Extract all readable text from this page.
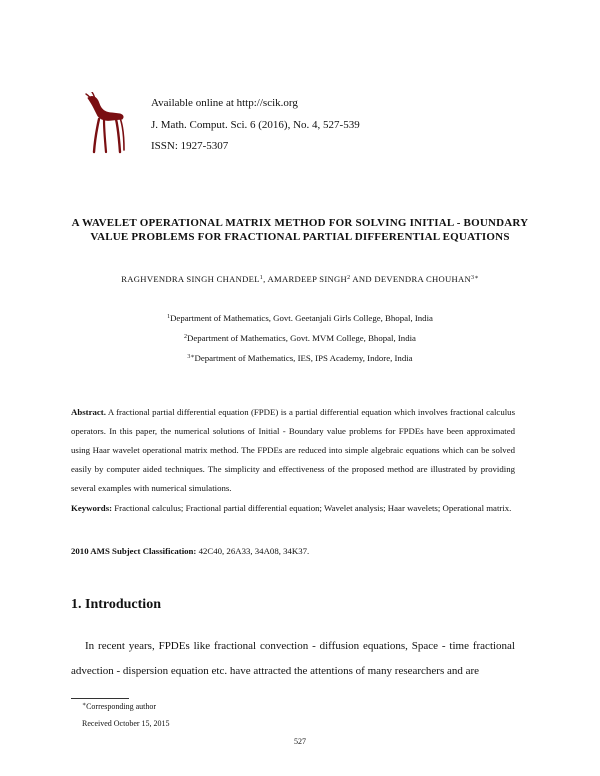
Available online at http://scik.org
J. Math. Comput. Sci. 6 (2016), No. 4, 527-539
ISSN: 1927-5307
A WAVELET OPERATIONAL MATRIX METHOD FOR SOLVING INITIAL - BOUNDARY VALUE PROBLEMS FOR FRACTIONAL PARTIAL DIFFERENTIAL EQUATIONS
RAGHVENDRA SINGH CHANDEL$^1$, AMARDEEP SINGH$^2$ AND DEVENDRA $CHOUHAN^{3∗}$
$^1$Department of Mathematics, Govt. Geetanjali Girls College, Bhopal, India
$^2$Department of Mathematics, Govt. MVM College, Bhopal, India
$^{3∗}$Department of Mathematics, IES, IPS Academy, Indore, India
Abstract. A fractional partial differential equation (FPDE) is a partial differential equation which involves fractional calculus operators. In this paper, the numerical solutions of Initial - Boundary value problems for FPDEs have been approximated using Haar wavelet operational matrix method. The FPDEs are reduced into simple algebraic equations which can be solved easily by computer aided techniques. The simplicity and effectiveness of the proposed method are illustrated by providing several examples with numerical simulations.
Keywords: Fractional calculus; Fractional partial differential equation; Wavelet analysis; Haar wavelets; Operational matrix.
2010 AMS Subject Classification: 42C40, 26A33, 34A08, 34K37.
1. Introduction
In recent years, FPDEs like fractional convection - diffusion equations, Space - time fractional advection - dispersion equation etc. have attracted the attentions of many researchers and are
∗Corresponding author
Received October 15, 2015
527
